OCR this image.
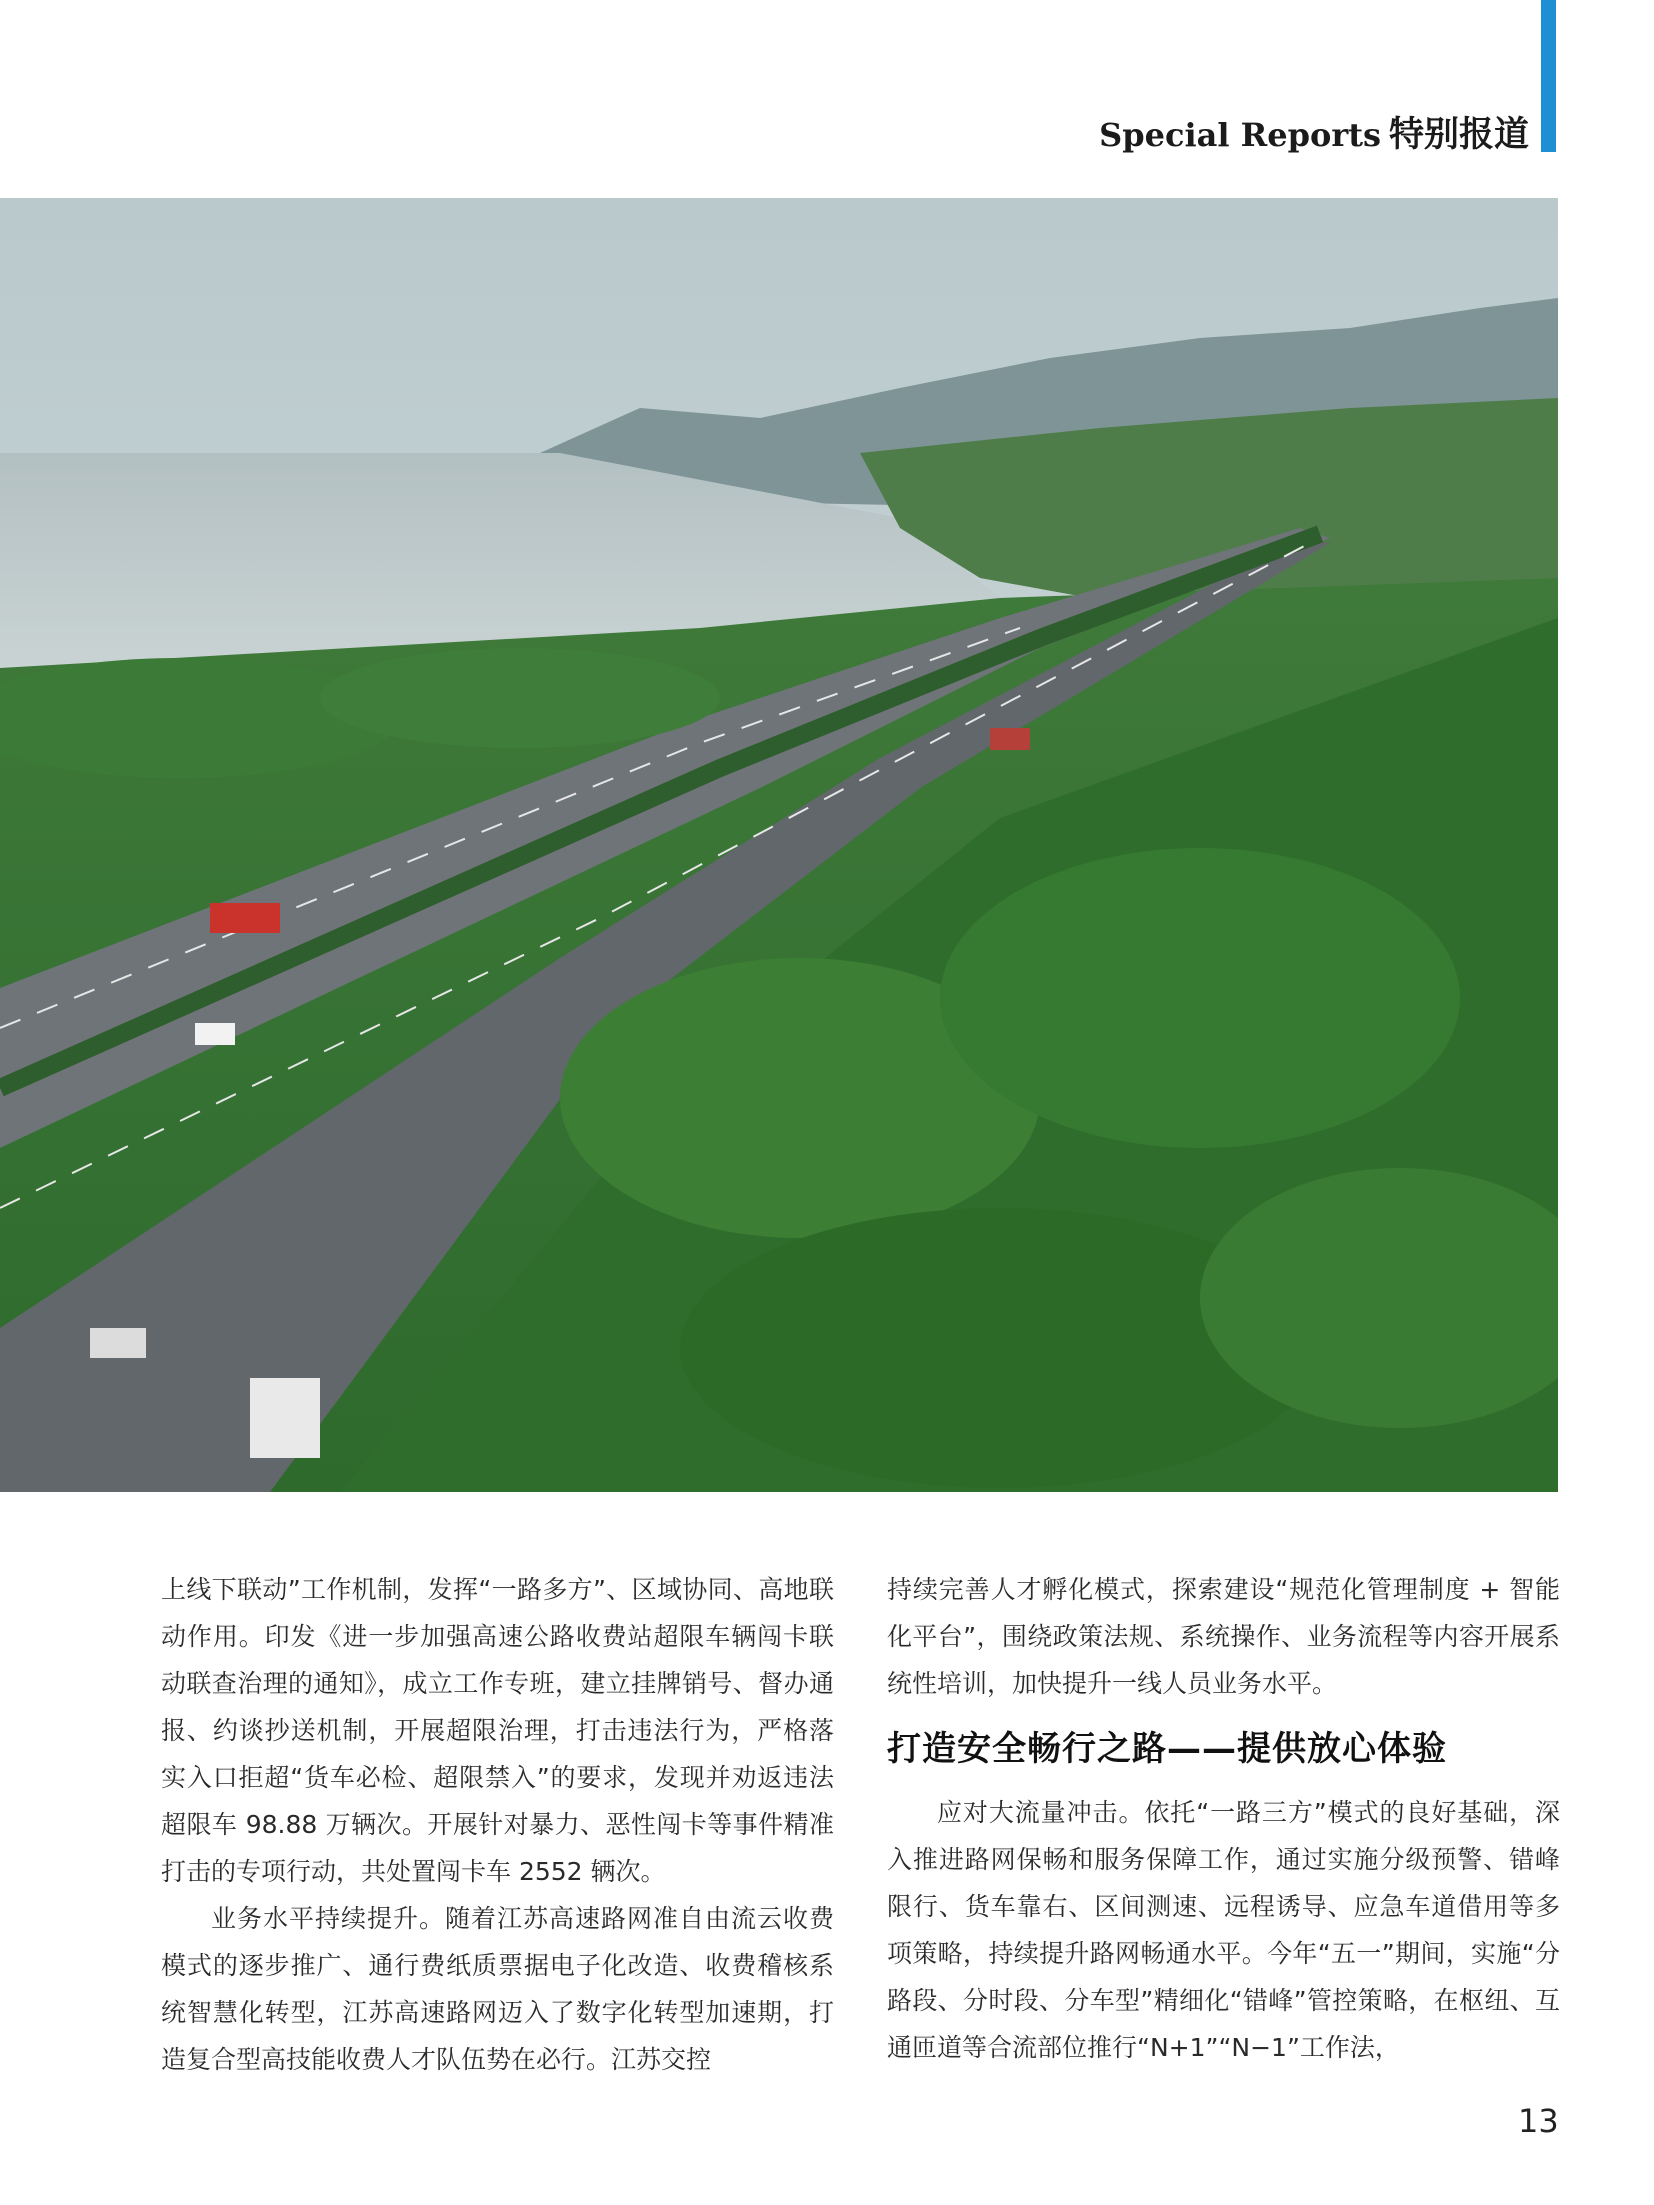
Special Reports 特别报道

上线下联动”工作机制，发挥“一路多方”、区域协同、高地联动作用。印发《进一步加强高速公路收费站超限车辆闯卡联动联查治理的通知》，成立工作专班，建立挂牌销号、督办通报、约谈抄送机制，开展超限治理，打击违法行为，严格落实入口拒超“货车必检、超限禁入”的要求，发现并劝返违法超限车 98.88 万辆次。开展针对暴力、恶性闯卡等事件精准打击的专项行动，共处置闯卡车 2552 辆次。

业务水平持续提升。随着江苏高速路网准自由流云收费模式的逐步推广、通行费纸质票据电子化改造、收费稽核系统智慧化转型，江苏高速路网迈入了数字化转型加速期，打造复合型高技能收费人才队伍势在必行。江苏交控

持续完善人才孵化模式，探索建设“规范化管理制度 + 智能化平台”，围绕政策法规、系统操作、业务流程等内容开展系统性培训，加快提升一线人员业务水平。

打造安全畅行之路——提供放心体验

应对大流量冲击。依托“一路三方”模式的良好基础，深入推进路网保畅和服务保障工作，通过实施分级预警、错峰限行、货车靠右、区间测速、远程诱导、应急车道借用等多项策略，持续提升路网畅通水平。今年“五一”期间，实施“分路段、分时段、分车型”精细化“错峰”管控策略，在枢纽、互通匝道等合流部位推行“N+1”“N−1”工作法，

13
